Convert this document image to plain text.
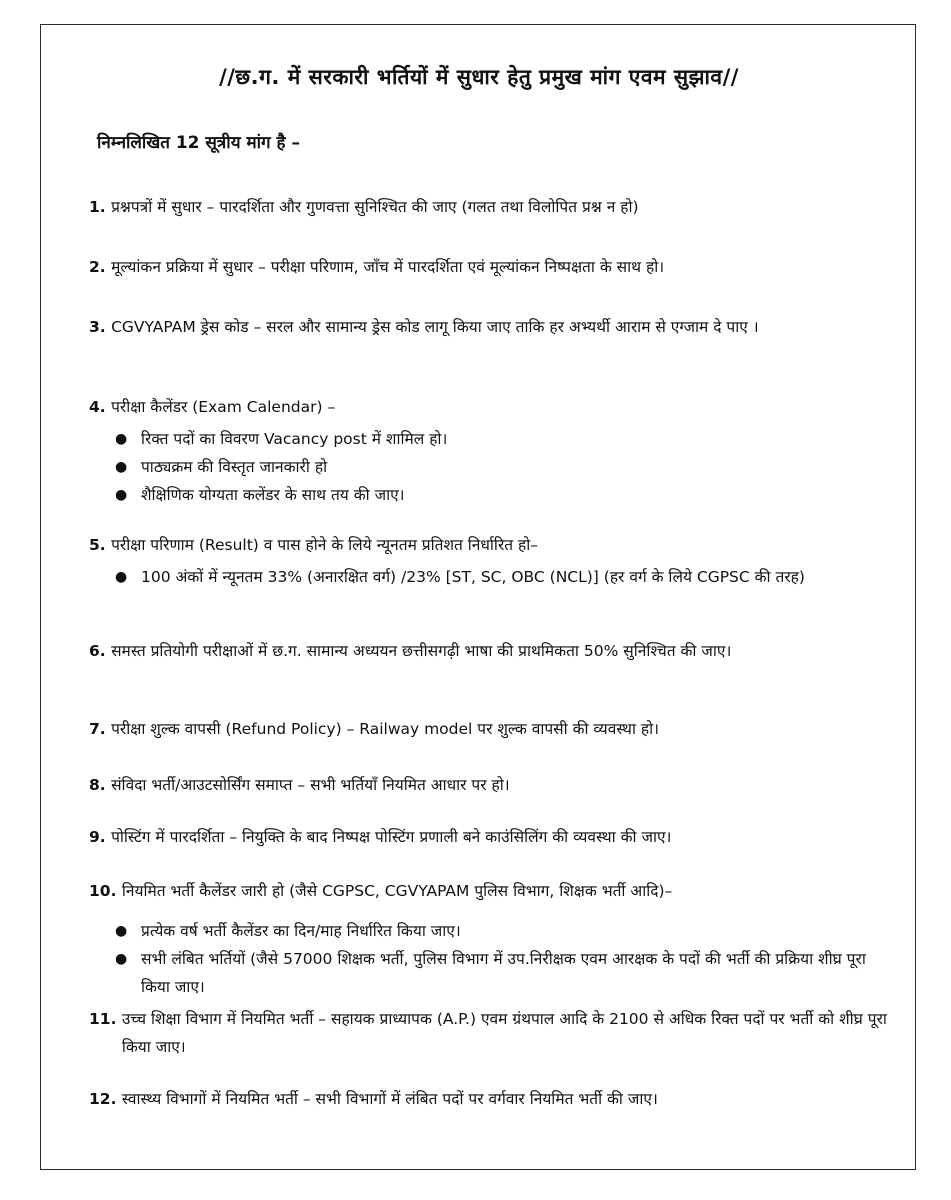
//छ.ग. में सरकारी भर्तियों में सुधार हेतु प्रमुख मांग एवम सुझाव//

निम्नलिखित 12 सूत्रीय मांग है –

1. प्रश्नपत्रों में सुधार – पारदर्शिता और गुणवत्ता सुनिश्चित की जाए (गलत तथा विलोपित प्रश्न न हो)
2. मूल्यांकन प्रक्रिया में सुधार – परीक्षा परिणाम, जाँच में पारदर्शिता एवं मूल्यांकन निष्पक्षता के साथ हो।
3. CGVYAPAM ड्रेस कोड – सरल और सामान्य ड्रेस कोड लागू किया जाए ताकि हर अभ्यर्थी आराम से एग्जाम दे पाए ।
4. परीक्षा कैलेंडर (Exam Calendar) –
● रिक्त पदों का विवरण Vacancy post में शामिल हो।
● पाठ्यक्रम की विस्तृत जानकारी हो
● शैक्षिणिक योग्यता कलेंडर के साथ तय की जाए।
5. परीक्षा परिणाम (Result) व पास होने के लिये न्यूनतम प्रतिशत निर्धारित हो–
● 100 अंकों में न्यूनतम 33% (अनारक्षित वर्ग) /23% [ST, SC, OBC (NCL)] (हर वर्ग के लिये CGPSC की तरह)
6. समस्त प्रतियोगी परीक्षाओं में छ.ग. सामान्य अध्ययन छत्तीसगढ़ी भाषा की प्राथमिकता 50% सुनिश्चित की जाए।
7. परीक्षा शुल्क वापसी (Refund Policy) – Railway model पर शुल्क वापसी की व्यवस्था हो।
8. संविदा भर्ती/आउटसोर्सिंग समाप्त – सभी भर्तियाँ नियमित आधार पर हो।
9. पोस्टिंग में पारदर्शिता – नियुक्ति के बाद निष्पक्ष पोस्टिंग प्रणाली बने काउंसिलिंग की व्यवस्था की जाए।
10. नियमित भर्ती कैलेंडर जारी हो (जैसे CGPSC, CGVYAPAM पुलिस विभाग, शिक्षक भर्ती आदि)–
● प्रत्येक वर्ष भर्ती कैलेंडर का दिन/माह निर्धारित किया जाए।
● सभी लंबित भर्तियों (जैसे 57000 शिक्षक भर्ती, पुलिस विभाग में उप.निरीक्षक एवम आरक्षक के पदों की भर्ती की प्रक्रिया शीघ्र पूरा किया जाए।
11. उच्च शिक्षा विभाग में नियमित भर्ती – सहायक प्राध्यापक (A.P.) एवम ग्रंथपाल आदि के 2100 से अधिक रिक्त पदों पर भर्ती को शीघ्र पूरा किया जाए।
12. स्वास्थ्य विभागों में नियमित भर्ती – सभी विभागों में लंबित पदों पर वर्गवार नियमित भर्ती की जाए।
